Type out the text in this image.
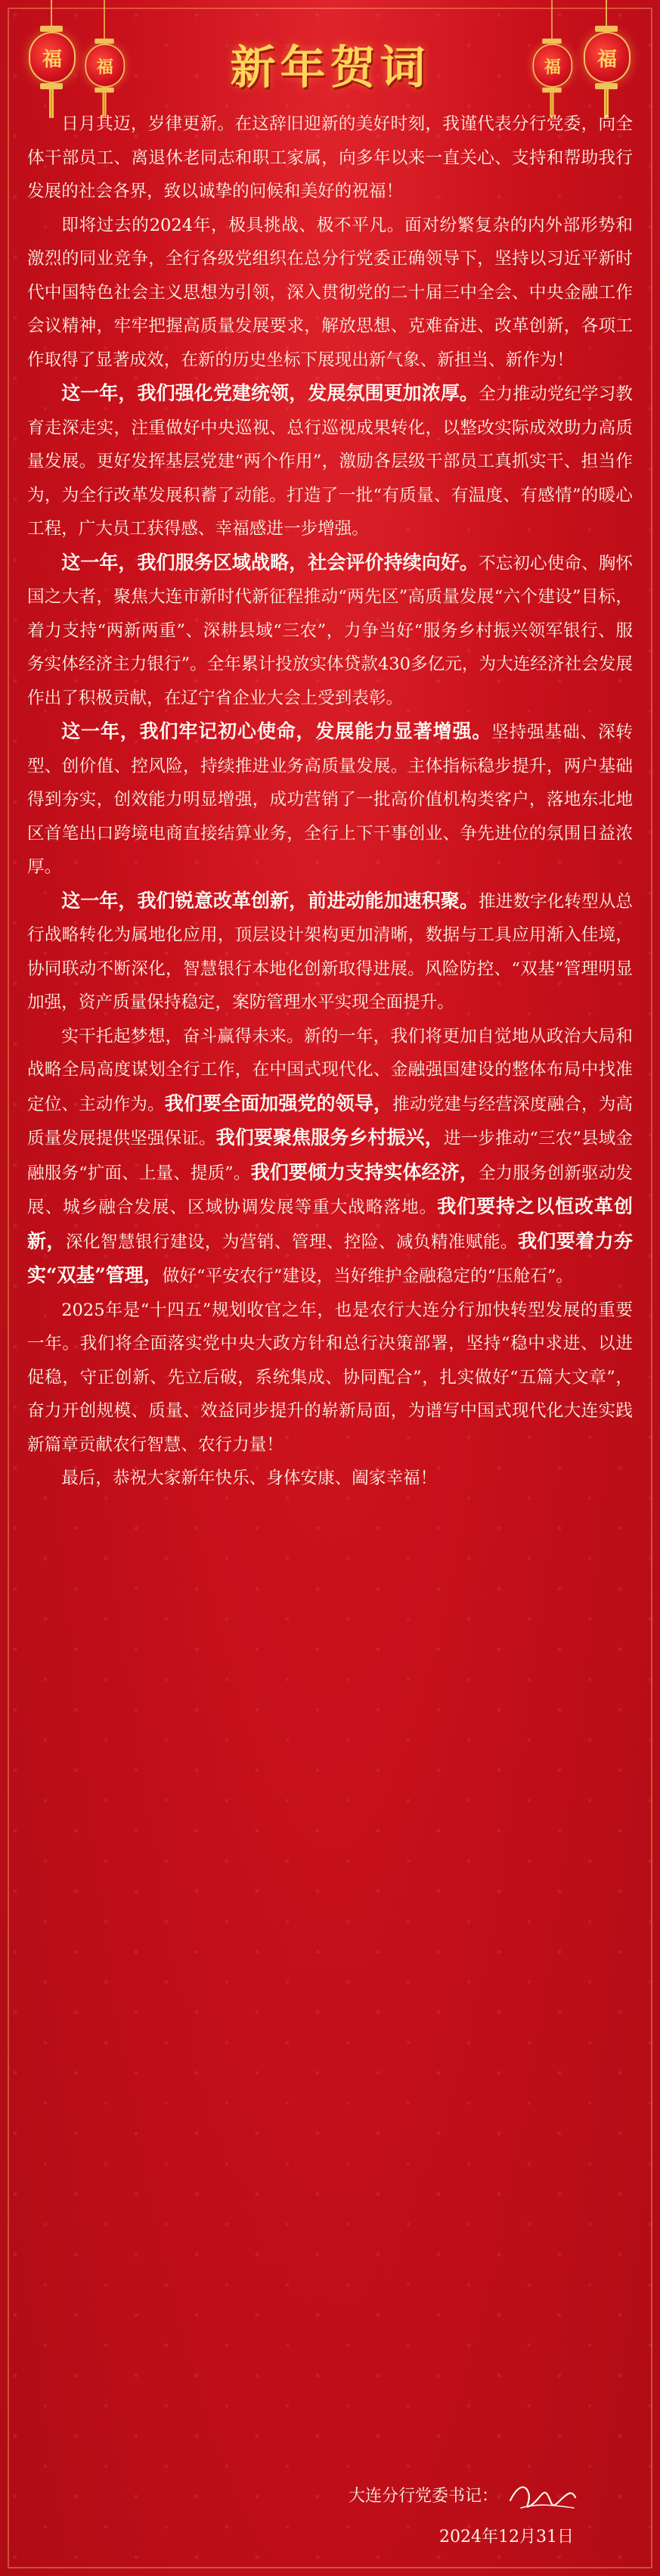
福	福	福	福
新年贺词

日月其迈，岁律更新。在这辞旧迎新的美好时刻，我谨代表分行党委，向全体干部员工、离退休老同志和职工家属，向多年以来一直关心、支持和帮助我行发展的社会各界，致以诚挚的问候和美好的祝福！

即将过去的2024年，极具挑战、极不平凡。面对纷繁复杂的内外部形势和激烈的同业竞争，全行各级党组织在总分行党委正确领导下，坚持以习近平新时代中国特色社会主义思想为引领，深入贯彻党的二十届三中全会、中央金融工作会议精神，牢牢把握高质量发展要求，解放思想、克难奋进、改革创新，各项工作取得了显著成效，在新的历史坐标下展现出新气象、新担当、新作为！

这一年，我们强化党建统领，发展氛围更加浓厚。全力推动党纪学习教育走深走实，注重做好中央巡视、总行巡视成果转化，以整改实际成效助力高质量发展。更好发挥基层党建“两个作用”，激励各层级干部员工真抓实干、担当作为，为全行改革发展积蓄了动能。打造了一批“有质量、有温度、有感情”的暖心工程，广大员工获得感、幸福感进一步增强。

这一年，我们服务区域战略，社会评价持续向好。不忘初心使命、胸怀国之大者，聚焦大连市新时代新征程推动“两先区”高质量发展“六个建设”目标，着力支持“两新两重”、深耕县域“三农”，力争当好“服务乡村振兴领军银行、服务实体经济主力银行”。全年累计投放实体贷款430多亿元，为大连经济社会发展作出了积极贡献，在辽宁省企业大会上受到表彰。

这一年，我们牢记初心使命，发展能力显著增强。坚持强基础、深转型、创价值、控风险，持续推进业务高质量发展。主体指标稳步提升，两户基础得到夯实，创效能力明显增强，成功营销了一批高价值机构类客户，落地东北地区首笔出口跨境电商直接结算业务，全行上下干事创业、争先进位的氛围日益浓厚。

这一年，我们锐意改革创新，前进动能加速积聚。推进数字化转型从总行战略转化为属地化应用，顶层设计架构更加清晰，数据与工具应用渐入佳境，协同联动不断深化，智慧银行本地化创新取得进展。风险防控、“双基”管理明显加强，资产质量保持稳定，案防管理水平实现全面提升。

实干托起梦想，奋斗赢得未来。新的一年，我们将更加自觉地从政治大局和战略全局高度谋划全行工作，在中国式现代化、金融强国建设的整体布局中找准定位、主动作为。我们要全面加强党的领导，推动党建与经营深度融合，为高质量发展提供坚强保证。我们要聚焦服务乡村振兴，进一步推动“三农”县域金融服务“扩面、上量、提质”。我们要倾力支持实体经济，全力服务创新驱动发展、城乡融合发展、区域协调发展等重大战略落地。我们要持之以恒改革创新，深化智慧银行建设，为营销、管理、控险、减负精准赋能。我们要着力夯实“双基”管理，做好“平安农行”建设，当好维护金融稳定的“压舱石”。

2025年是“十四五”规划收官之年，也是农行大连分行加快转型发展的重要一年。我们将全面落实党中央大政方针和总行决策部署，坚持“稳中求进、以进促稳，守正创新、先立后破，系统集成、协同配合”，扎实做好“五篇大文章”，奋力开创规模、质量、效益同步提升的崭新局面，为谱写中国式现代化大连实践新篇章贡献农行智慧、农行力量！

最后，恭祝大家新年快乐、身体安康、阖家幸福！

大连分行党委书记：
2024年12月31日
